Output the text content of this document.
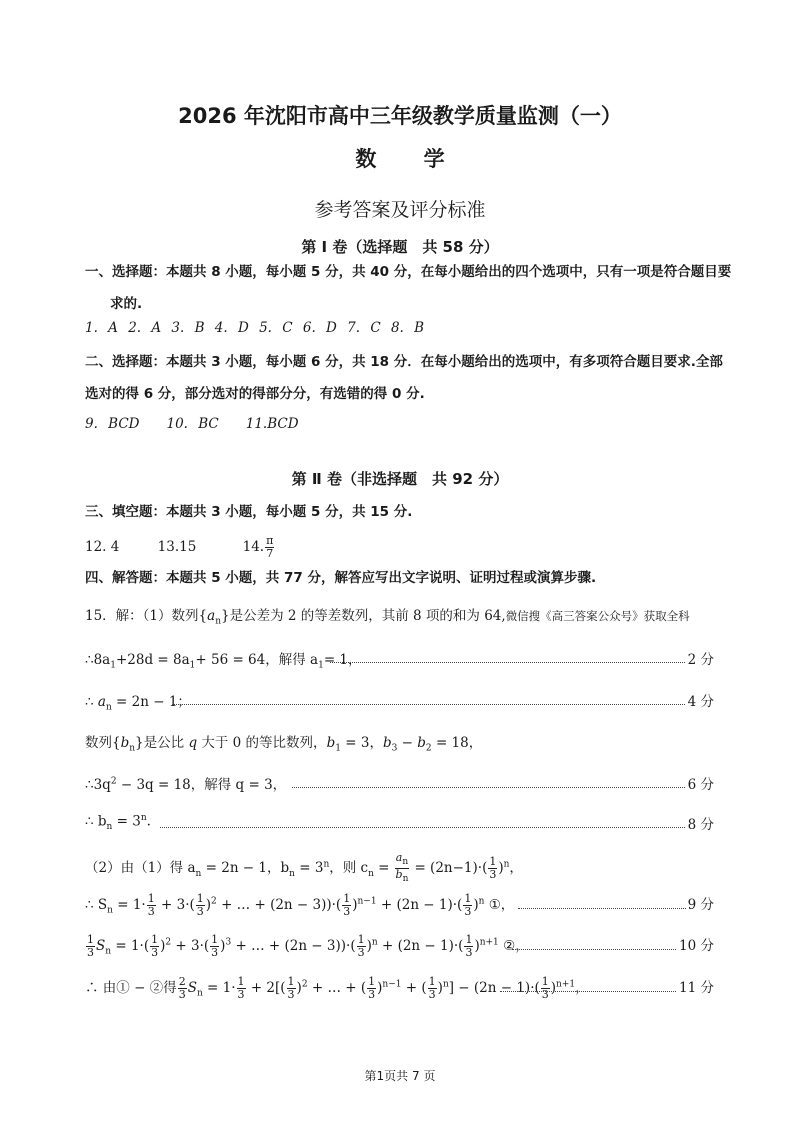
2026 年沈阳市高中三年级教学质量监测（一）
数 学
参考答案及评分标准
第 Ⅰ 卷（选择题　共 58 分）
一、选择题：本题共 8 小题，每小题 5 分，共 40 分，在每小题给出的四个选项中，只有一项是符合题目要
求的.
1. A 2. A 3. B 4. D 5. C 6. D 7. C 8. B
二、选择题：本题共 3 小题，每小题 6 分，共 18 分．在每小题给出的选项中，有多项符合题目要求.全部
选对的得 6 分，部分选对的得部分分，有选错的得 0 分.
9. BCD　　10. BC　　11.BCD
第 Ⅱ 卷（非选择题　共 92 分）
三、填空题：本题共 3 小题，每小题 5 分，共 15 分.
12. 4	13.15	14. $\frac{\pi}{7}$
四、解答题：本题共 5 小题，共 77 分，解答应写出文字说明、证明过程或演算步骤.
15．解：（1）数列$\{a_n\}$是公差为 2 的等差数列，其前 8 项的和为 64,微信搜《高三答案公众号》获取全科
$\therefore 8a_1+28d = 8a_1+ 56 = 64$，解得 $a_1= 1$，	2 分
∴ $a_n = 2n - 1$；	4 分
数列$\{b_n\}$是公比 q 大于 0 的等比数列，$b_1 = 3$，$b_3 - b_2 = 18$，
$\therefore 3q^2 - 3q = 18$，解得 q = 3，	6 分
∴ $b_n = 3^n$.	8 分
（2）由（1）得 $a_n = 2n - 1$，$b_n = 3^n$，则 $c_n = \frac{a_n}{b_n} = (2n-1)\cdot( \frac{1}{3} )^n$，
∴ $S_n = 1\cdot \frac{1}{3} + 3\cdot( \frac{1}{3} )^2$ + … + $(2n - 3))\cdot( \frac{1}{3} )^{n-1} + (2n - 1)\cdot( \frac{1}{3} )^n$ ①，	9 分
$\frac{1}{3} S_n = 1\cdot( \frac{1}{3} )^2 + 3\cdot( \frac{1}{3} )^3$ + … + $(2n - 3))\cdot( \frac{1}{3} )^n + (2n - 1)\cdot( \frac{1}{3} )^{n+1}$ ②，	10 分
∴ 由① − ②得 $\frac{2}{3} S_n = 1\cdot \frac{1}{3} + 2[( \frac{1}{3} )^2$ + … + ( $\frac{1}{3} )^{n-1}$ + ( $\frac{1}{3} )^n] - (2n - 1)\cdot( \frac{1}{3} )^{n+1}$，	11 分
第1页共 7 页
